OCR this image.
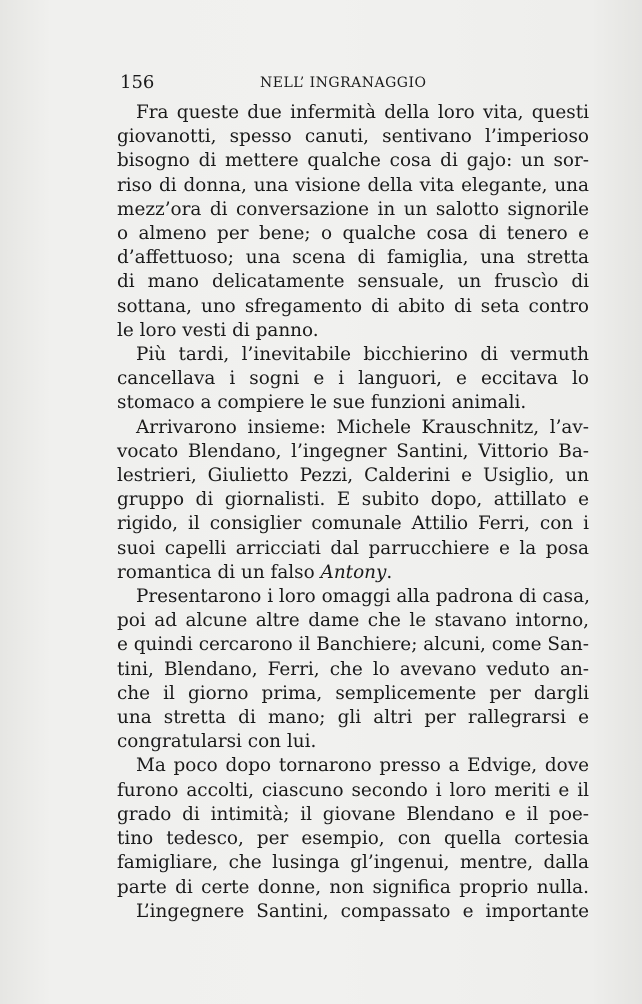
156	NELL’ INGRANAGGIO
Fra queste due infermità della loro vita, questi
giovanotti, spesso canuti, sentivano l’imperioso
bisogno di mettere qualche cosa di gajo: un sor-
riso di donna, una visione della vita elegante, una
mezz’ora di conversazione in un salotto signorile
o almeno per bene; o qualche cosa di tenero e
d’affettuoso; una scena di famiglia, una stretta
di mano delicatamente sensuale, un fruscìo di
sottana, uno sfregamento di abito di seta contro
le loro vesti di panno.
Più tardi, l’inevitabile bicchierino di vermuth
cancellava i sogni e i languori, e eccitava lo
stomaco a compiere le sue funzioni animali.
Arrivarono insieme: Michele Krauschnitz, l’av-
vocato Blendano, l’ingegner Santini, Vittorio Ba-
lestrieri, Giulietto Pezzi, Calderini e Usiglio, un
gruppo di giornalisti. E subito dopo, attillato e
rigido, il consiglier comunale Attilio Ferri, con i
suoi capelli arricciati dal parrucchiere e la posa
romantica di un falso Antony.
Presentarono i loro omaggi alla padrona di casa,
poi ad alcune altre dame che le stavano intorno,
e quindi cercarono il Banchiere; alcuni, come San-
tini, Blendano, Ferri, che lo avevano veduto an-
che il giorno prima, semplicemente per dargli
una stretta di mano; gli altri per rallegrarsi e
congratularsi con lui.
Ma poco dopo tornarono presso a Edvige, dove
furono accolti, ciascuno secondo i loro meriti e il
grado di intimità; il giovane Blendano e il poe-
tino tedesco, per esempio, con quella cortesia
famigliare, che lusinga gl’ingenui, mentre, dalla
parte di certe donne, non significa proprio nulla.
L’ingegnere Santini, compassato e importante
